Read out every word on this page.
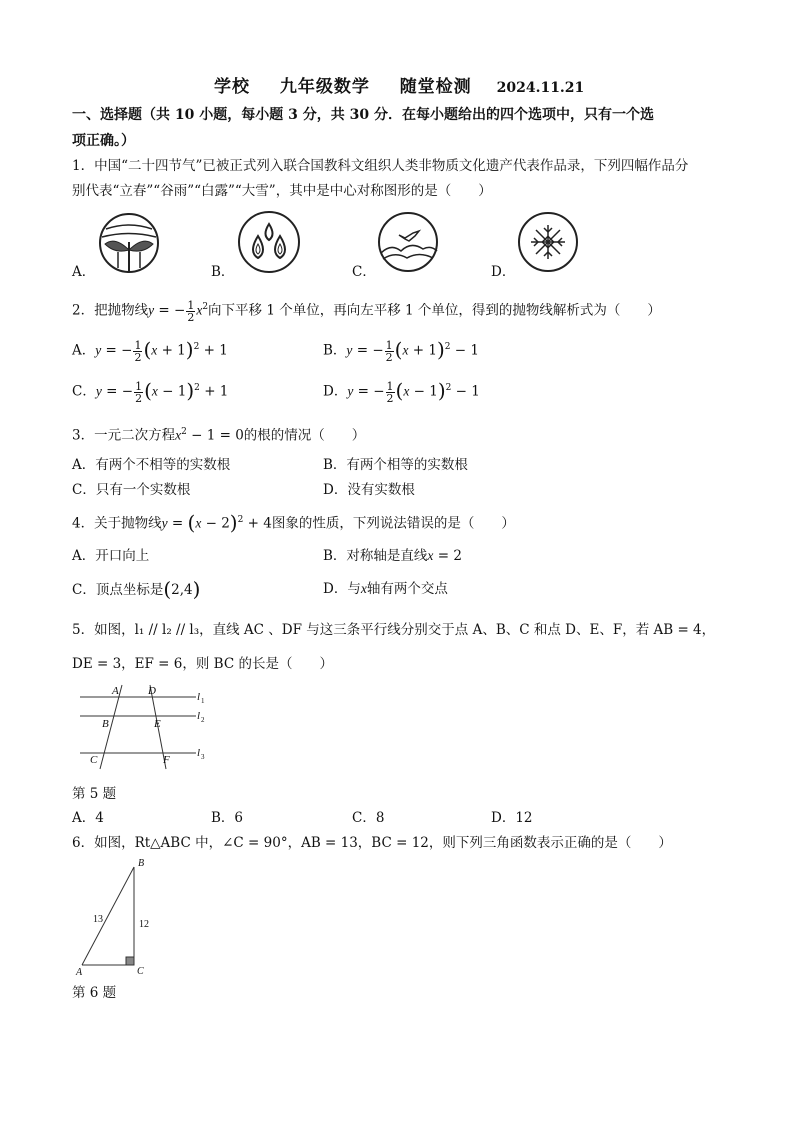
学校 九年级数学 随堂检测 2024.11.21
一、选择题（共 10 小题，每小题 3 分，共 30 分．在每小题给出的四个选项中，只有一个选
项正确。）
1．中国“二十四节气”已被正式列入联合国教科文组织人类非物质文化遗产代表作品录，下列四幅作品分
别代表“立春”“谷雨”“白露”“大雪”，其中是中心对称图形的是（　　）
A．	B．	C．	D．
2．把抛物线y = − $\frac{1}{2} x^2$向下平移 1 个单位，再向左平移 1 个单位，得到的抛物线解析式为（　　）
A．y = − $\frac{1}{2} (x + 1)^2 + 1$	B．y = − $\frac{1}{2} (x + 1)^2 - 1$
C．y = − $\frac{1}{2} (x - 1)^2 + 1$	D．y = − $\frac{1}{2} (x - 1)^2 - 1$
3．一元二次方程$x^2 - 1 = 0$的根的情况（　　）
A．有两个不相等的实数根	B．有两个相等的实数根
C．只有一个实数根	D．没有实数根
4．关于抛物线$y = (x - 2)^2 + 4$图象的性质，下列说法错误的是（　　）
A．开口向上	B．对称轴是直线x = 2
C．顶点坐标是(2,4)	D．与x轴有两个交点
5．如图，l₁ // l₂ // l₃，直线 AC 、DF 与这三条平行线分别交于点 A、B、C 和点 D、E、F，若 AB = 4，
DE = 3，EF = 6，则 BC 的长是（　　）
A	D
B	E
C	F
l 1
l 2
l 3
第 5 题
A．4	B．6	C．8	D．12
6．如图，Rt△ABC 中，∠C = 90°，AB = 13，BC = 12，则下列三角函数表示正确的是（　　）
B
A	C
13	12
第 6 题
